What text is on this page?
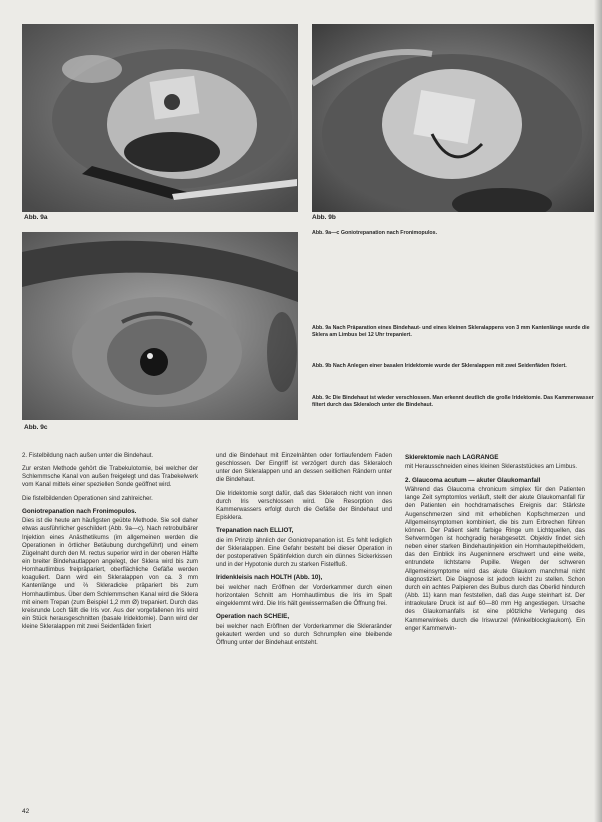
Abb. 9a	Abb. 9b

Abb. 9c

Abb. 9a—c Goniotrepanation nach Fronimopulos.

Abb. 9a Nach Präparation eines Bindehaut- und eines kleinen Skleralappens von 3 mm Kantenlänge wurde die Sklera am Limbus bei 12 Uhr trepaniert.

Abb. 9b Nach Anlegen einer basalen Iridektomie wurde der Skleralappen mit zwei Seidenfäden fixiert.

Abb. 9c Die Bindehaut ist wieder verschlossen. Man erkennt deutlich die große Iridektomie. Das Kammerwasser filtert durch das Skleraloch unter die Bindehaut.

2. Fistelbildung nach außen unter die Bindehaut.

Zur ersten Methode gehört die Trabekulotomie, bei welcher der Schlemmsche Kanal von außen freigelegt und das Trabekelwerk vom Kanal mittels einer speziellen Sonde geöffnet wird.

Die fistelbildenden Operationen sind zahlreicher.

Goniotrepanation nach Fronimopulos.

Dies ist die heute am häufigsten geübte Methode. Sie soll daher etwas ausführlicher geschildert (Abb. 9a—c). Nach retrobulbärer Injektion eines Anästhetikums (im allgemeinen werden die Operationen in örtlicher Betäubung durchgeführt) und einem Zügelnaht durch den M. rectus superior wird in der oberen Hälfte ein breiter Bindehautlappen angelegt, der Sklera wird bis zum Hornhautlimbus freipräpariert, oberflächliche Gefäße werden koaguliert. Dann wird ein Skleralappen von ca. 3 mm Kantenlänge und ⅔ Skleradicke präpariert bis zum Hornhautlimbus. Über dem Schlemmschen Kanal wird die Sklera mit einem Trepan (zum Beispiel 1,2 mm Ø) trepaniert. Durch das kreisrunde Loch fällt die Iris vor. Aus der vorgefallenen Iris wird ein Stück herausgeschnitten (basale Iridektomie). Dann wird der kleine Skleralappen mit zwei Seidenfäden fixiert

und die Bindehaut mit Einzelnähten oder fortlaufendem Faden geschlossen. Der Eingriff ist verzögert durch das Skleraloch unter den Skleralappen und an dessen seitlichen Rändern unter die Bindehaut.

Die Iridektomie sorgt dafür, daß das Skleraloch nicht von innen durch Iris verschlossen wird. Die Resorption des Kammerwassers erfolgt durch die Gefäße der Bindehaut und Episklera.

Trepanation nach ELLIOT,

die im Prinzip ähnlich der Goniotrepanation ist. Es fehlt lediglich der Skleralappen. Eine Gefahr besteht bei dieser Operation in der postoperativen Spätinfektion durch ein dünnes Sickerkissen und in der Hypotonie durch zu starken Fistelfluß.

Iridenkleisis nach HOLTH (Abb. 10),

bei welcher nach Eröffnen der Vorderkammer durch einen horizontalen Schnitt am Hornhautlimbus die Iris im Spalt eingeklemmt wird. Die Iris hält gewissermaßen die Öffnung frei.

Operation nach SCHEIE,

bei welcher nach Eröffnen der Vorderkammer die Skleraränder gekautert werden und so durch Schrumpfen eine bleibende Öffnung unter der Bindehaut entsteht.

Sklerektomie nach LAGRANGE

mit Herausschneiden eines kleinen Skleraststückes am Limbus.

2. Glaucoma acutum — akuter Glaukomanfall

Während das Glaucoma chronicum simplex für den Patienten lange Zeit symptomlos verläuft, stellt der akute Glaukomanfall für den Patienten ein hochdramatisches Ereignis dar: Stärkste Augenschmerzen sind mit erheblichen Kopfschmerzen und Allgemeinsymptomen kombiniert, die bis zum Erbrechen führen können. Der Patient sieht farbige Ringe um Lichtquellen, das Sehvermögen ist hochgradig herabgesetzt. Objektiv findet sich neben einer starken Bindehautinjektion ein Hornhautepithelödem, das den Einblick ins Augeninnere erschwert und eine weite, entrundete lichtstarre Pupille. Wegen der schweren Allgemeinsymptome wird das akute Glaukom manchmal nicht diagnostiziert. Die Diagnose ist jedoch leicht zu stellen. Schon durch ein achtes Palpieren des Bulbus durch das Oberlid hindurch (Abb. 11) kann man feststellen, daß das Auge steinhart ist. Der intraokulare Druck ist auf 60—80 mm Hg angestiegen. Ursache des Glaukomanfalls ist eine plötzliche Verlegung des Kammerwinkels durch die Iriswurzel (Winkelblockglaukom). Ein enger Kammerwin-

42
